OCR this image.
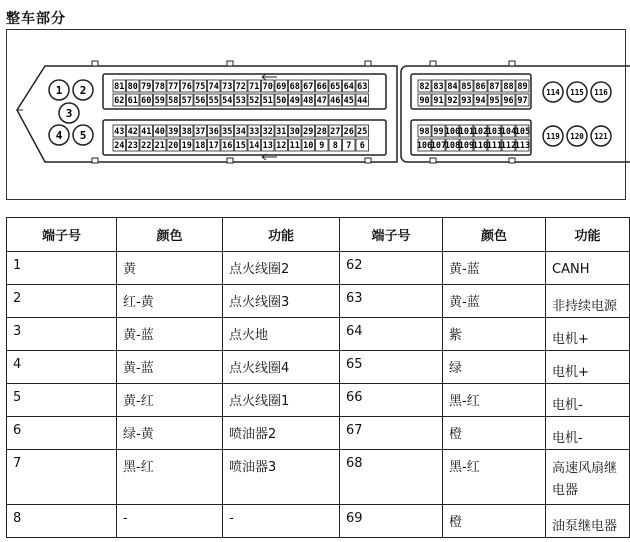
整车部分
1 2
3
4 5
81 80 79 78 77 76 75 74 73 72 71 70 69 68 67 66 65 64 63
62 61 60 59 58 57 56 55 54 53 52 51 50 49 48 47 46 45 44
43 42 41 40 39 38 37 36 35 34 33 32 31 30 29 28 27 26 25
24 23 22 21 20 19 18 17 16 15 14 13 12 11 10 9 8 7 6
82 83 84 85 86 87 88 89
90 91 92 93 94 95 96 97
98 99 100
101
102
103
104
105
106
107
108
109
110
111
112
113
114 115 116
119 120 121
端子号	颜色	功能	端子号	颜色	功能
1	黄	点火线圈2	62	黄-蓝	CANH
2	红-黄	点火线圈3	63	黄-蓝	非持续电源
3	黄-蓝	点火地	64	紫	电机+
4	黄-蓝	点火线圈4	65	绿	电机+
5	黄-红	点火线圈1	66	黑-红	电机-
6	绿-黄	喷油器2	67	橙	电机-
7	黑-红	喷油器3	68	黑-红	高速风扇继电器
8	-	-	69	橙	油泵继电器
